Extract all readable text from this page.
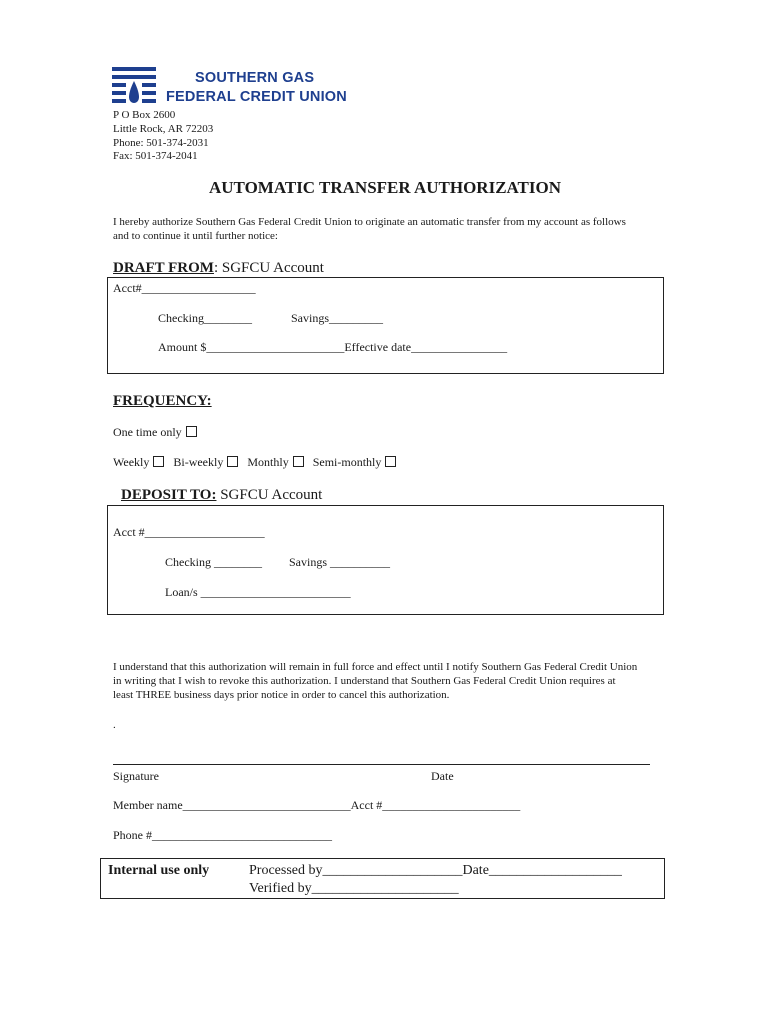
SOUTHERN GAS
FEDERAL CREDIT UNION
P O Box 2600
Little Rock, AR 72203
Phone: 501-374-2031
Fax: 501-374-2041
AUTOMATIC TRANSFER AUTHORIZATION
I hereby authorize Southern Gas Federal Credit Union to originate an automatic transfer from my account as follows
and to continue it until further notice:
DRAFT FROM: SGFCU Account
Acct#___________________
Checking________	Savings_________
Amount $_______________________Effective date________________
FREQUENCY:
One time only
Weekly Bi-weekly Monthly Semi-monthly
DEPOSIT TO: SGFCU Account
Acct #____________________
Checking ________ Savings __________
Loan/s _________________________
I understand that this authorization will remain in full force and effect until I notify Southern Gas Federal Credit Union
in writing that I wish to revoke this authorization. I understand that Southern Gas Federal Credit Union requires at
least THREE business days prior notice in order to cancel this authorization.
.
Signature	Date
Member name____________________________Acct #_______________________
Phone #______________________________
Internal use only	Processed by____________________Date___________________
Verified by_____________________
